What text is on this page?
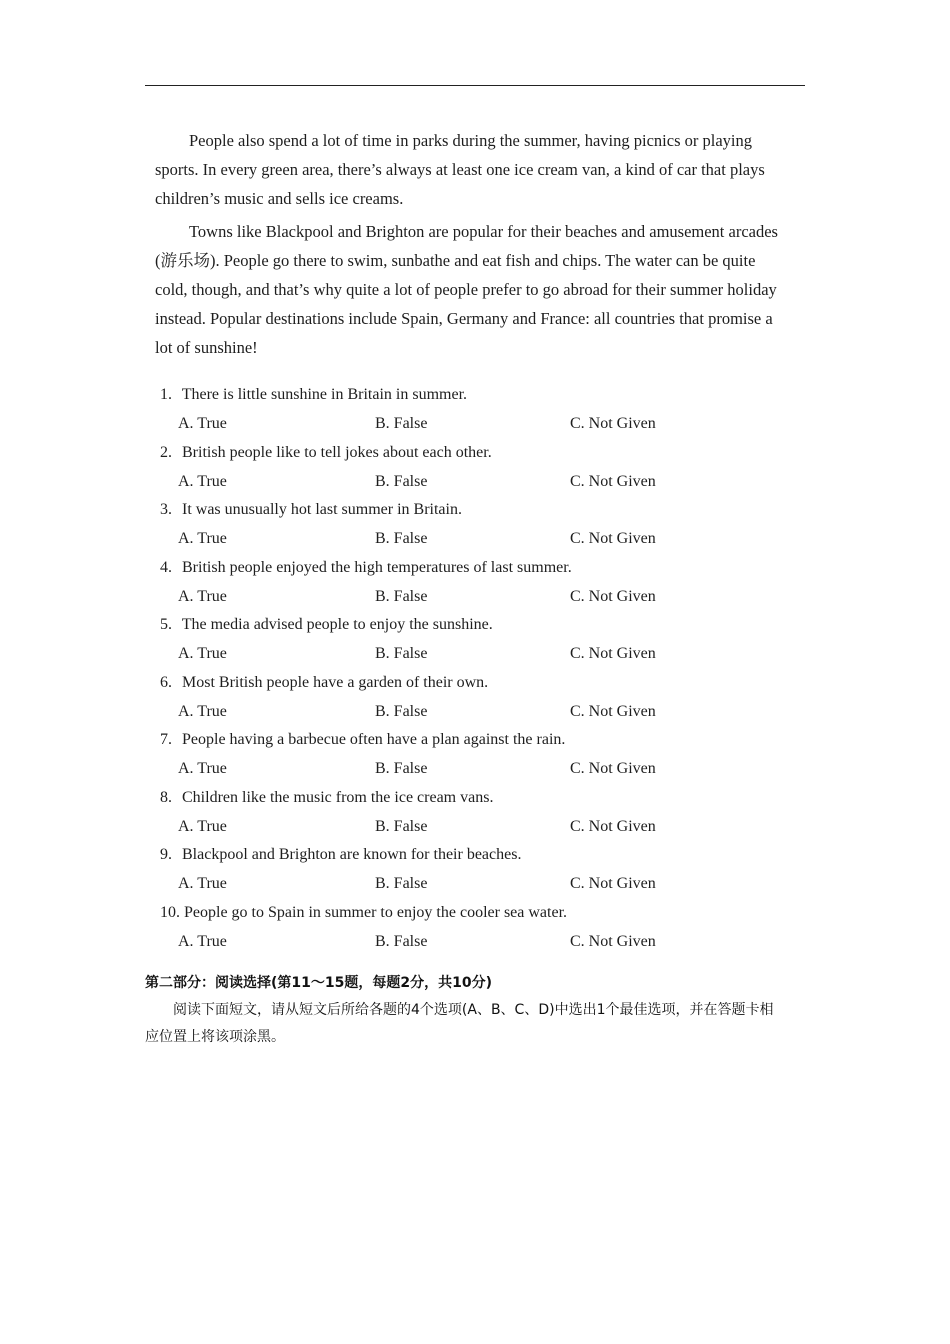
People also spend a lot of time in parks during the summer, having picnics or playing sports. In every green area, there’s always at least one ice cream van, a kind of car that plays children’s music and sells ice creams.

Towns like Blackpool and Brighton are popular for their beaches and amusement arcades (游乐场). People go there to swim, sunbathe and eat fish and chips. The water can be quite cold, though, and that’s why quite a lot of people prefer to go abroad for their summer holiday instead. Popular destinations include Spain, Germany and France: all countries that promise a lot of sunshine!

1. There is little sunshine in Britain in summer.
A. True	B. False	C. Not Given
2. British people like to tell jokes about each other.
A. True	B. False	C. Not Given
3. It was unusually hot last summer in Britain.
A. True	B. False	C. Not Given
4. British people enjoyed the high temperatures of last summer.
A. True	B. False	C. Not Given
5. The media advised people to enjoy the sunshine.
A. True	B. False	C. Not Given
6. Most British people have a garden of their own.
A. True	B. False	C. Not Given
7. People having a barbecue often have a plan against the rain.
A. True	B. False	C. Not Given
8. Children like the music from the ice cream vans.
A. True	B. False	C. Not Given
9. Blackpool and Brighton are known for their beaches.
A. True	B. False	C. Not Given
10. People go to Spain in summer to enjoy the cooler sea water.
A. True	B. False	C. Not Given
第二部分：阅读选择(第11～15题，每题2分，共10分)

阅读下面短文，请从短文后所给各题的4个选项(A、B、C、D)中选出1个最佳选项，并在答题卡相应位置上将该项涂黑。
